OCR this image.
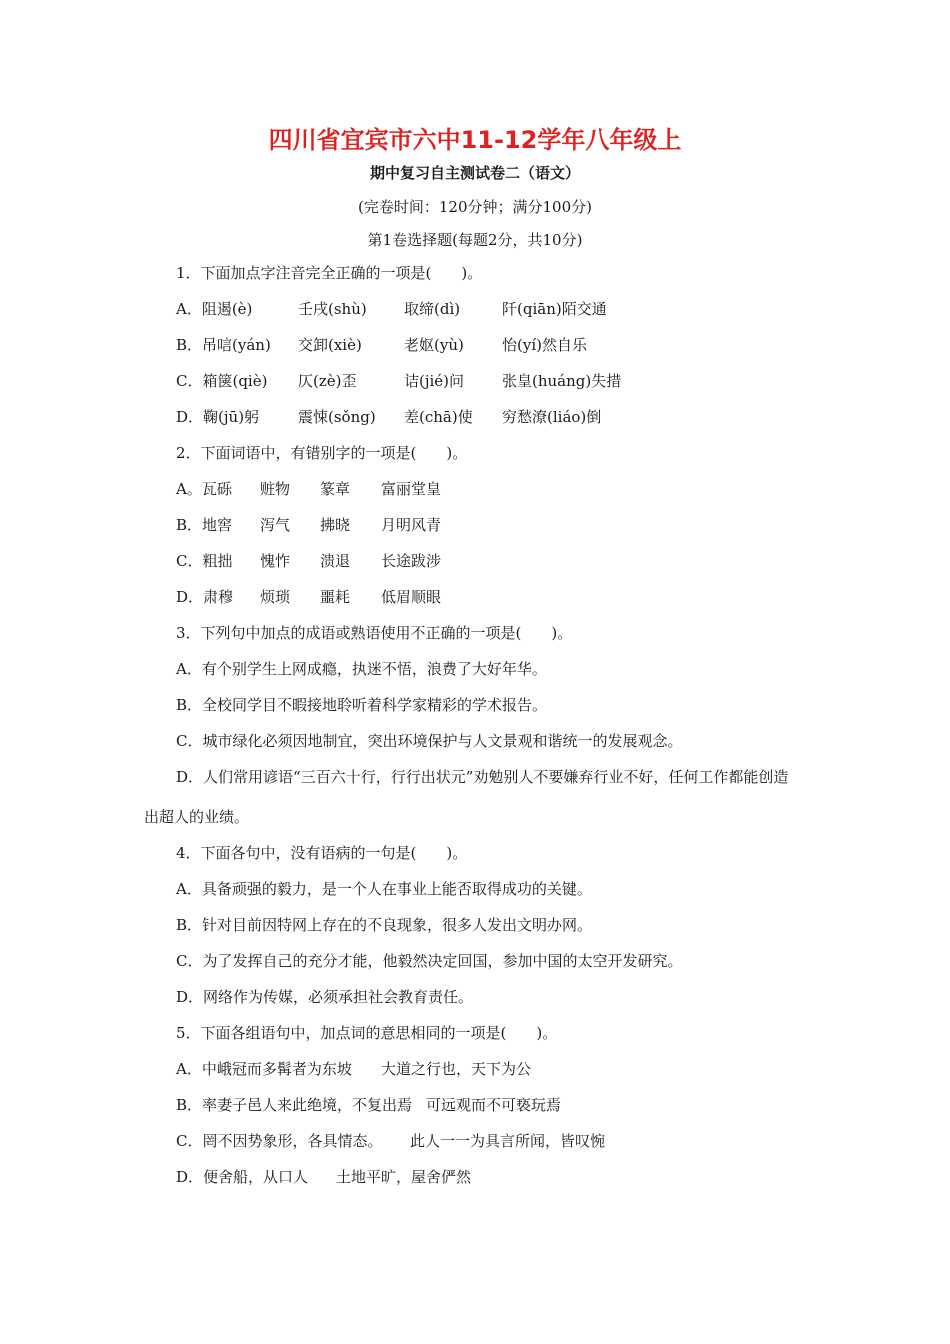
四川省宜宾市六中11-12学年八年级上
期中复习自主测试卷二（语文）
(完卷时间：120分钟；满分100分)
第1卷选择题(每题2分，共10分)
1．下面加点字注音完全正确的一项是(　　)。
A．阻遏(è)	壬戌(shù) 取缔(dì)	阡(qiān)陌交通
B．吊唁(yán) 交卸(xiè)	老妪(yù)	怡(yí)然自乐
C．箱箧(qiè) 仄(zè)歪	诘(jié)问	张皇(huáng)失措
D．鞠(jū)躬	震悚(sǒng) 差(chā)使 穷愁潦(liáo)倒
2．下面词语中，有错别字的一项是(　　)。
A。瓦砾 赃物 篆章 富丽堂皇
B．地窖 泻气 拂晓 月明风青
C．粗拙 愧怍 溃退 长途跋涉
D．肃穆 烦琐 噩耗 低眉顺眼
3．下列句中加点的成语或熟语使用不正确的一项是(　　)。
A．有个别学生上网成瘾，执迷不悟，浪费了大好年华。
B．全校同学目不暇接地聆听着科学家精彩的学术报告。
C．城市绿化必须因地制宜，突出环境保护与人文景观和谐统一的发展观念。
D．人们常用谚语“三百六十行，行行出状元”劝勉别人不要嫌弃行业不好，任何工作都能创造
出超人的业绩。
4．下面各句中，没有语病的一句是(　　)。
A．具备顽强的毅力，是一个人在事业上能否取得成功的关键。
B．针对目前因特网上存在的不良现象，很多人发出文明办网。
C．为了发挥自己的充分才能，他毅然决定回国，参加中国的太空开发研究。
D．网络作为传媒，必须承担社会教育责任。
5．下面各组语句中，加点词的意思相同的一项是(　　)。
A．中峨冠而多髯者为东坡 大道之行也，天下为公
B．率妻子邑人来此绝境，不复出焉 可远观而不可亵玩焉
C．罔不因势象形，各具情态。 此人一一为具言所闻，皆叹惋
D．便舍船，从口人 土地平旷，屋舍俨然
